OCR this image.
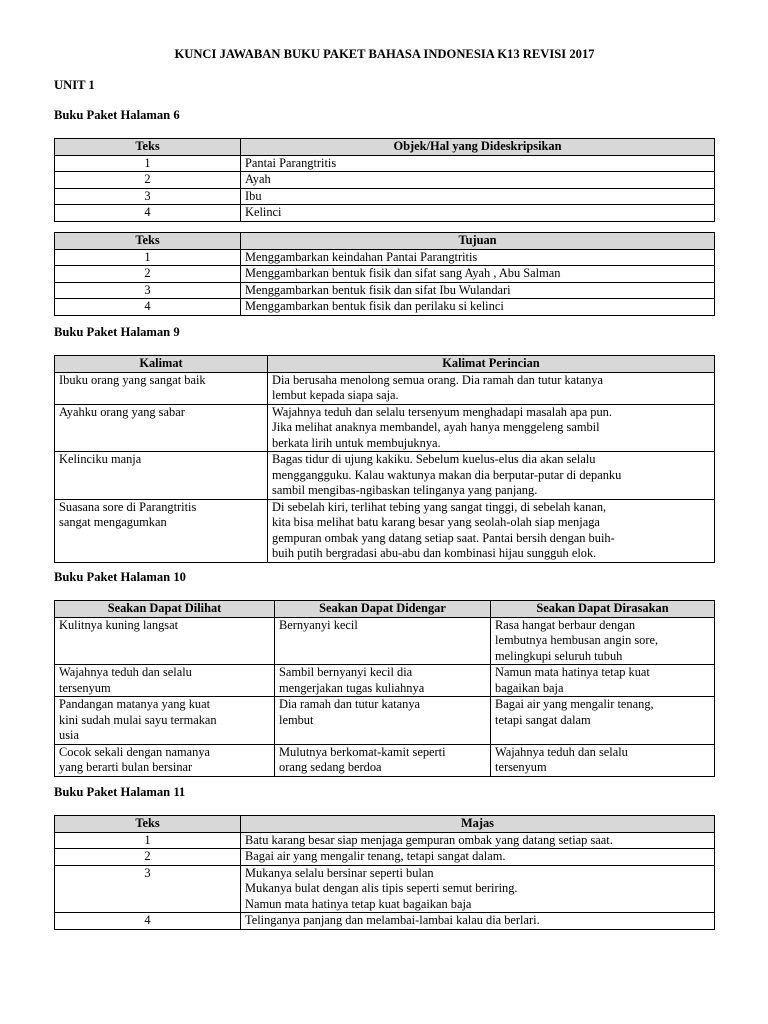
KUNCI JAWABAN BUKU PAKET BAHASA INDONESIA K13 REVISI 2017
UNIT 1
Buku Paket Halaman 6
Teks	Objek/Hal yang Dideskripsikan
1	Pantai Parangtritis
2	Ayah
3	Ibu
4	Kelinci
Teks	Tujuan
1	Menggambarkan keindahan Pantai Parangtritis
2	Menggambarkan bentuk fisik dan sifat sang Ayah , Abu Salman
3	Menggambarkan bentuk fisik dan sifat Ibu Wulandari
4	Menggambarkan bentuk fisik dan perilaku si kelinci
Buku Paket Halaman 9
Kalimat	Kalimat Perincian

Ibuku orang yang sangat baik	Dia berusaha menolong semua orang. Dia ramah dan tutur katanya
lembut kepada siapa saja.

Ayahku orang yang sabar	Wajahnya teduh dan selalu tersenyum menghadapi masalah apa pun.
Jika melihat anaknya membandel, ayah hanya menggeleng sambil
berkata lirih untuk membujuknya.

Kelinciku manja	Bagas tidur di ujung kakiku. Sebelum kuelus-elus dia akan selalu
mengganggu​ku. Kalau waktunya makan dia berputar-putar di depanku
sambil mengibas-ngibaskan telinganya yang panjang.

Suasana sore di Parangtritis
sangat mengagumkan	Di sebelah kiri, terlihat tebing yang sangat tinggi, di sebelah kanan,
kita bisa melihat batu karang besar yang seolah-olah siap menjaga
gempuran ombak yang datang setiap saat. Pantai bersih dengan buih-
buih putih bergradasi abu-abu dan kombinasi hijau sungguh elok.
Buku Paket Halaman 10
Seakan Dapat Dilihat	Seakan Dapat Didengar	Seakan Dapat Dirasakan

Kulitnya kuning langsat	Bernyanyi kecil	Rasa hangat berbaur dengan
lembutnya hembusan angin sore,
melingkupi seluruh tubuh

Wajahnya teduh dan selalu
tersenyum	Sambil bernyanyi kecil dia
mengerjakan tugas kuliahnya	Namun mata hatinya tetap kuat
bagaikan baja

Pandangan matanya yang kuat
kini sudah mulai sayu termakan
usia	Dia ramah dan tutur katanya
lembut	Bagai air yang mengalir tenang,
tetapi sangat dalam

Cocok sekali dengan namanya
yang berarti bulan bersinar	Mulutnya berkomat-kamit seperti
orang sedang berdoa	Wajahnya teduh dan selalu
tersenyum
Buku Paket Halaman 11
Teks	Majas
1	Batu karang besar siap menjaga gempuran ombak yang datang setiap saat.

2	Bagai air yang mengalir tenang, tetapi sangat dalam.

3	Mukanya selalu bersinar seperti bulan
Mukanya bulat dengan alis tipis seperti semut beriring.
Namun mata hatinya tetap kuat bagaikan baja

4	Telinganya panjang dan melambai-lambai kalau dia berlari.
